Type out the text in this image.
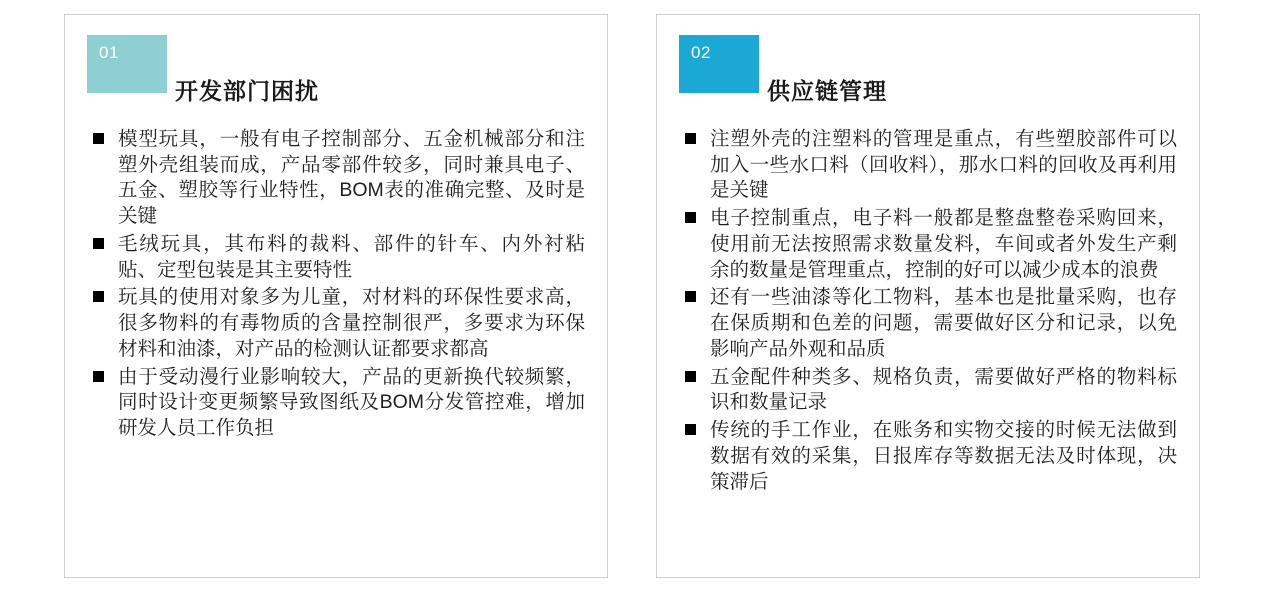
01
开发部门困扰
模型玩具，一般有电子控制部分、五金机械部分和注塑外壳组装而成，产品零部件较多，同时兼具电子、五金、塑胶等行业特性，BOM表的准确完整、及时是关键
毛绒玩具，其布料的裁料、部件的针车、内外衬粘贴、定型包装是其主要特性
玩具的使用对象多为儿童，对材料的环保性要求高，很多物料的有毒物质的含量控制很严，多要求为环保材料和油漆，对产品的检测认证都要求都高
由于受动漫行业影响较大，产品的更新换代较频繁，同时设计变更频繁导致图纸及BOM分发管控难，增加研发人员工作负担
02
供应链管理
注塑外壳的注塑料的管理是重点，有些塑胶部件可以加入一些水口料（回收料），那水口料的回收及再利用是关键
电子控制重点，电子料一般都是整盘整卷采购回来，使用前无法按照需求数量发料，车间或者外发生产剩余的数量是管理重点，控制的好可以减少成本的浪费
还有一些油漆等化工物料，基本也是批量采购，也存在保质期和色差的问题，需要做好区分和记录，以免影响产品外观和品质
五金配件种类多、规格负责，需要做好严格的物料标识和数量记录
传统的手工作业，在账务和实物交接的时候无法做到数据有效的采集，日报库存等数据无法及时体现，决策滞后
